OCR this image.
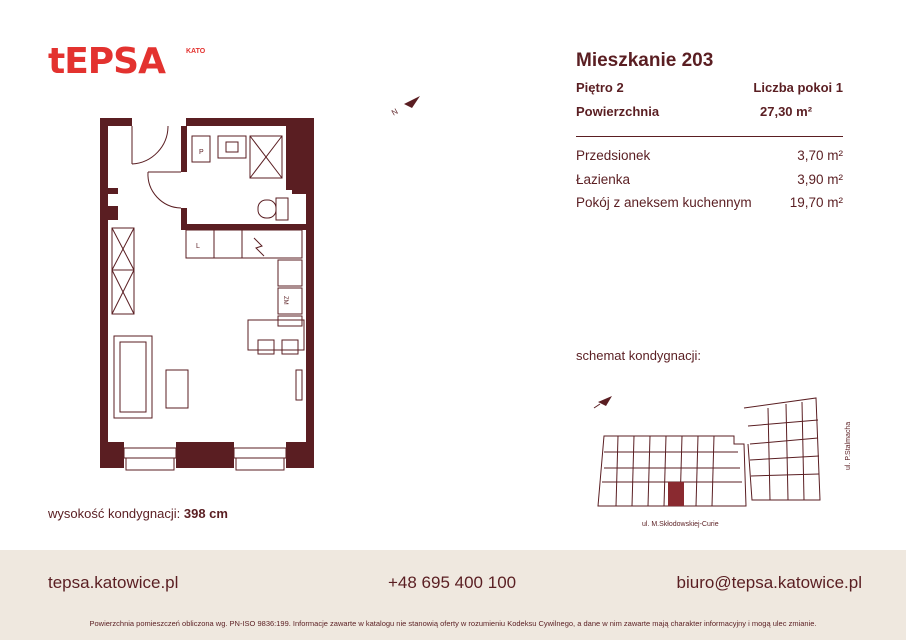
tEPSA	KATO	Mieszkanie 203
Piętro 2	Liczba pokoi 1
Powierzchnia	27,30 m²
Przedsionek	3,70 m²
Łazienka	3,90 m²
Pokój z aneksem kuchennym	19,70 m²
N
P
L
ZM
wysokość kondygnacji: 398 cm
schemat kondygnacji:
ul. M.Skłodowskiej-Curie
ul. P.Stalmacha
tepsa.katowice.pl	+48 695 400 100	biuro@tepsa.katowice.pl
Powierzchnia pomieszczeń obliczona wg. PN-ISO 9836:199. Informacje zawarte w katalogu nie stanowią oferty w rozumieniu Kodeksu Cywilnego, a dane w nim zawarte mają charakter informacyjny i mogą ulec zmianie.
